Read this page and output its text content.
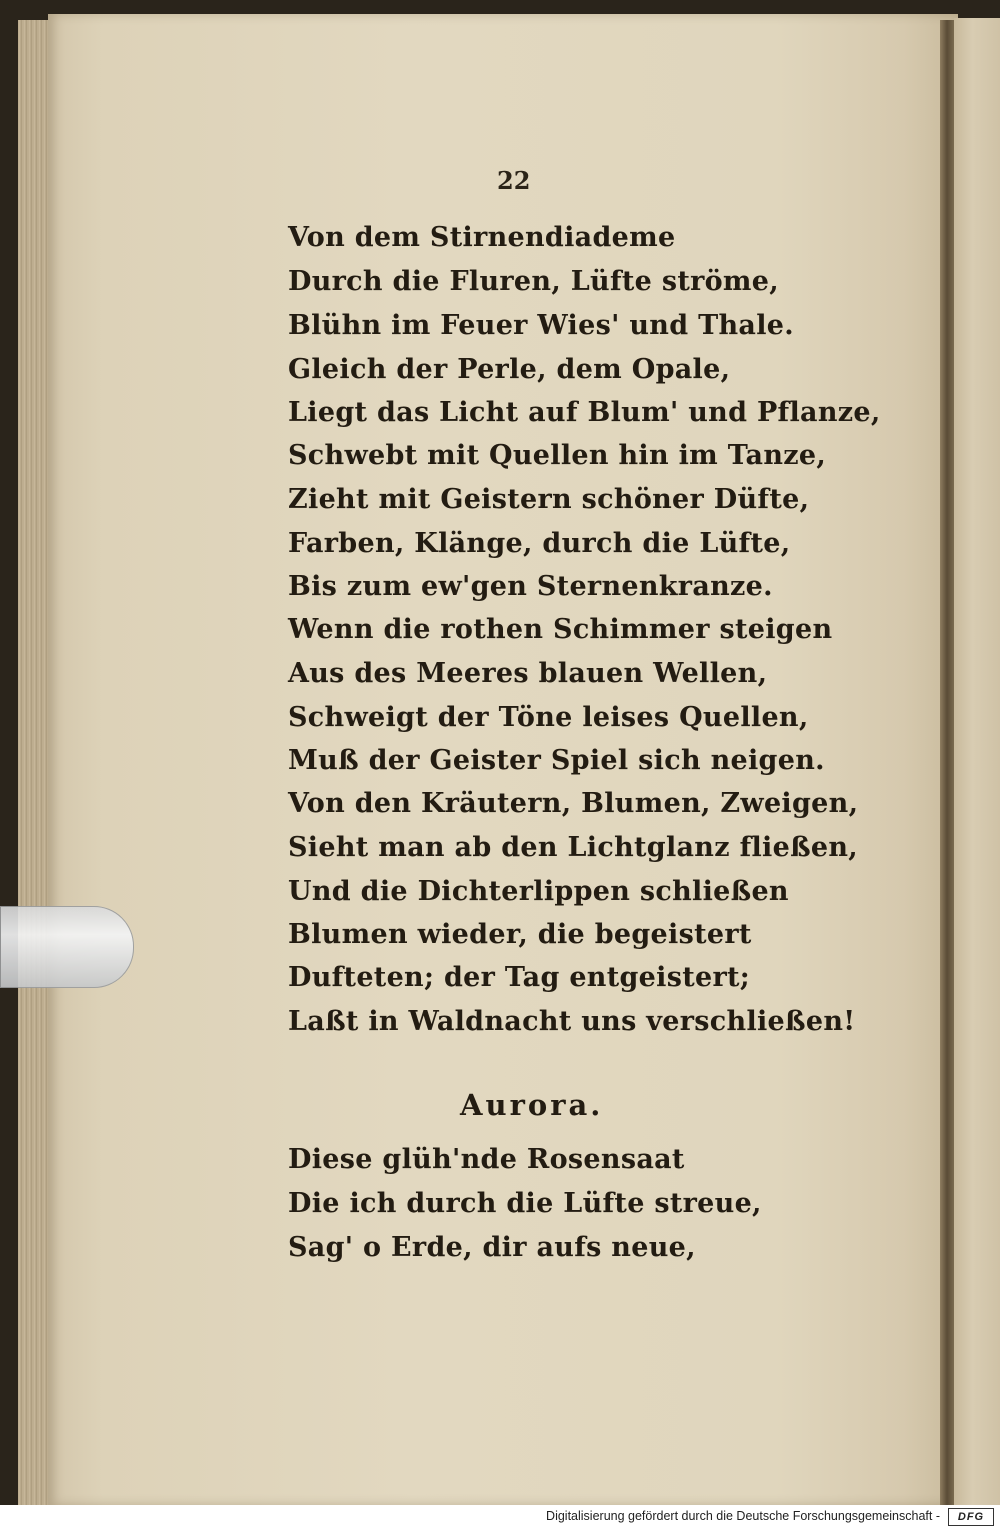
22
Von dem Stirnendiademe
Durch die Fluren, Lüfte ströme,
Blühn im Feuer Wies' und Thale.
Gleich der Perle, dem Opale,
Liegt das Licht auf Blum' und Pflanze,
Schwebt mit Quellen hin im Tanze,
Zieht mit Geistern schöner Düfte,
Farben, Klänge, durch die Lüfte,
Bis zum ew'gen Sternenkranze.
Wenn die rothen Schimmer steigen
Aus des Meeres blauen Wellen,
Schweigt der Töne leises Quellen,
Muß der Geister Spiel sich neigen.
Von den Kräutern, Blumen, Zweigen,
Sieht man ab den Lichtglanz fließen,
Und die Dichterlippen schließen
Blumen wieder, die begeistert
Dufteten; der Tag entgeistert;
Laßt in Waldnacht uns verschließen!
Aurora.
Diese glüh'nde Rosensaat
Die ich durch die Lüfte streue,
Sag' o Erde, dir aufs neue,
Digitalisierung gefördert durch die Deutsche Forschungsgemeinschaft -	DFG
